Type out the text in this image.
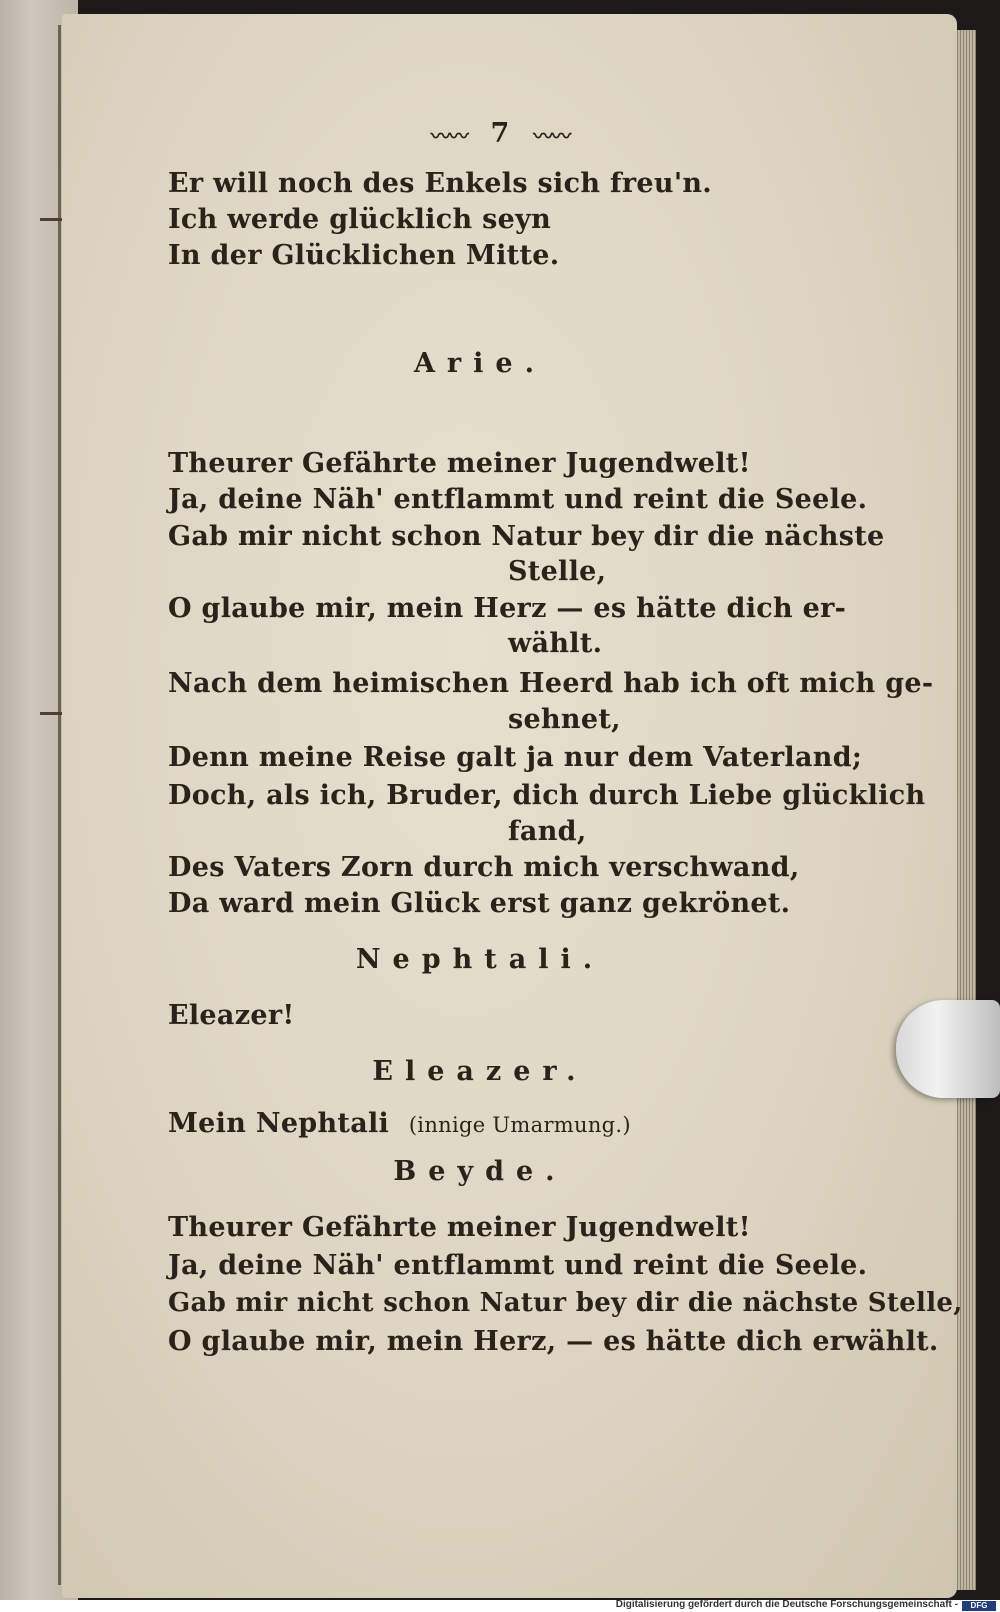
〰〰 7 〰〰
Er will noch des Enkels sich freu'n.
Ich werde glücklich seyn
In der Glücklichen Mitte.
Arie.
Theurer Gefährte meiner Jugendwelt!
Ja, deine Näh' entflammt und reint die Seele.
Gab mir nicht schon Natur bey dir die nächste
Stelle,
O glaube mir, mein Herz — es hätte dich er-
wählt.
Nach dem heimischen Heerd hab ich oft mich ge-
sehnet,
Denn meine Reise galt ja nur dem Vaterland;
Doch, als ich, Bruder, dich durch Liebe glücklich
fand,
Des Vaters Zorn durch mich verschwand,
Da ward mein Glück erst ganz gekrönet.
Nephtali.
Eleazer!
Eleazer.
Mein Nephtali (innige Umarmung.)
Beyde.
Theurer Gefährte meiner Jugendwelt!
Ja, deine Näh' entflammt und reint die Seele.
Gab mir nicht schon Natur bey dir die nächste Stelle,
O glaube mir, mein Herz, — es hätte dich erwählt.
Digitalisierung gefördert durch die Deutsche Forschungsgemeinschaft -	DFG
